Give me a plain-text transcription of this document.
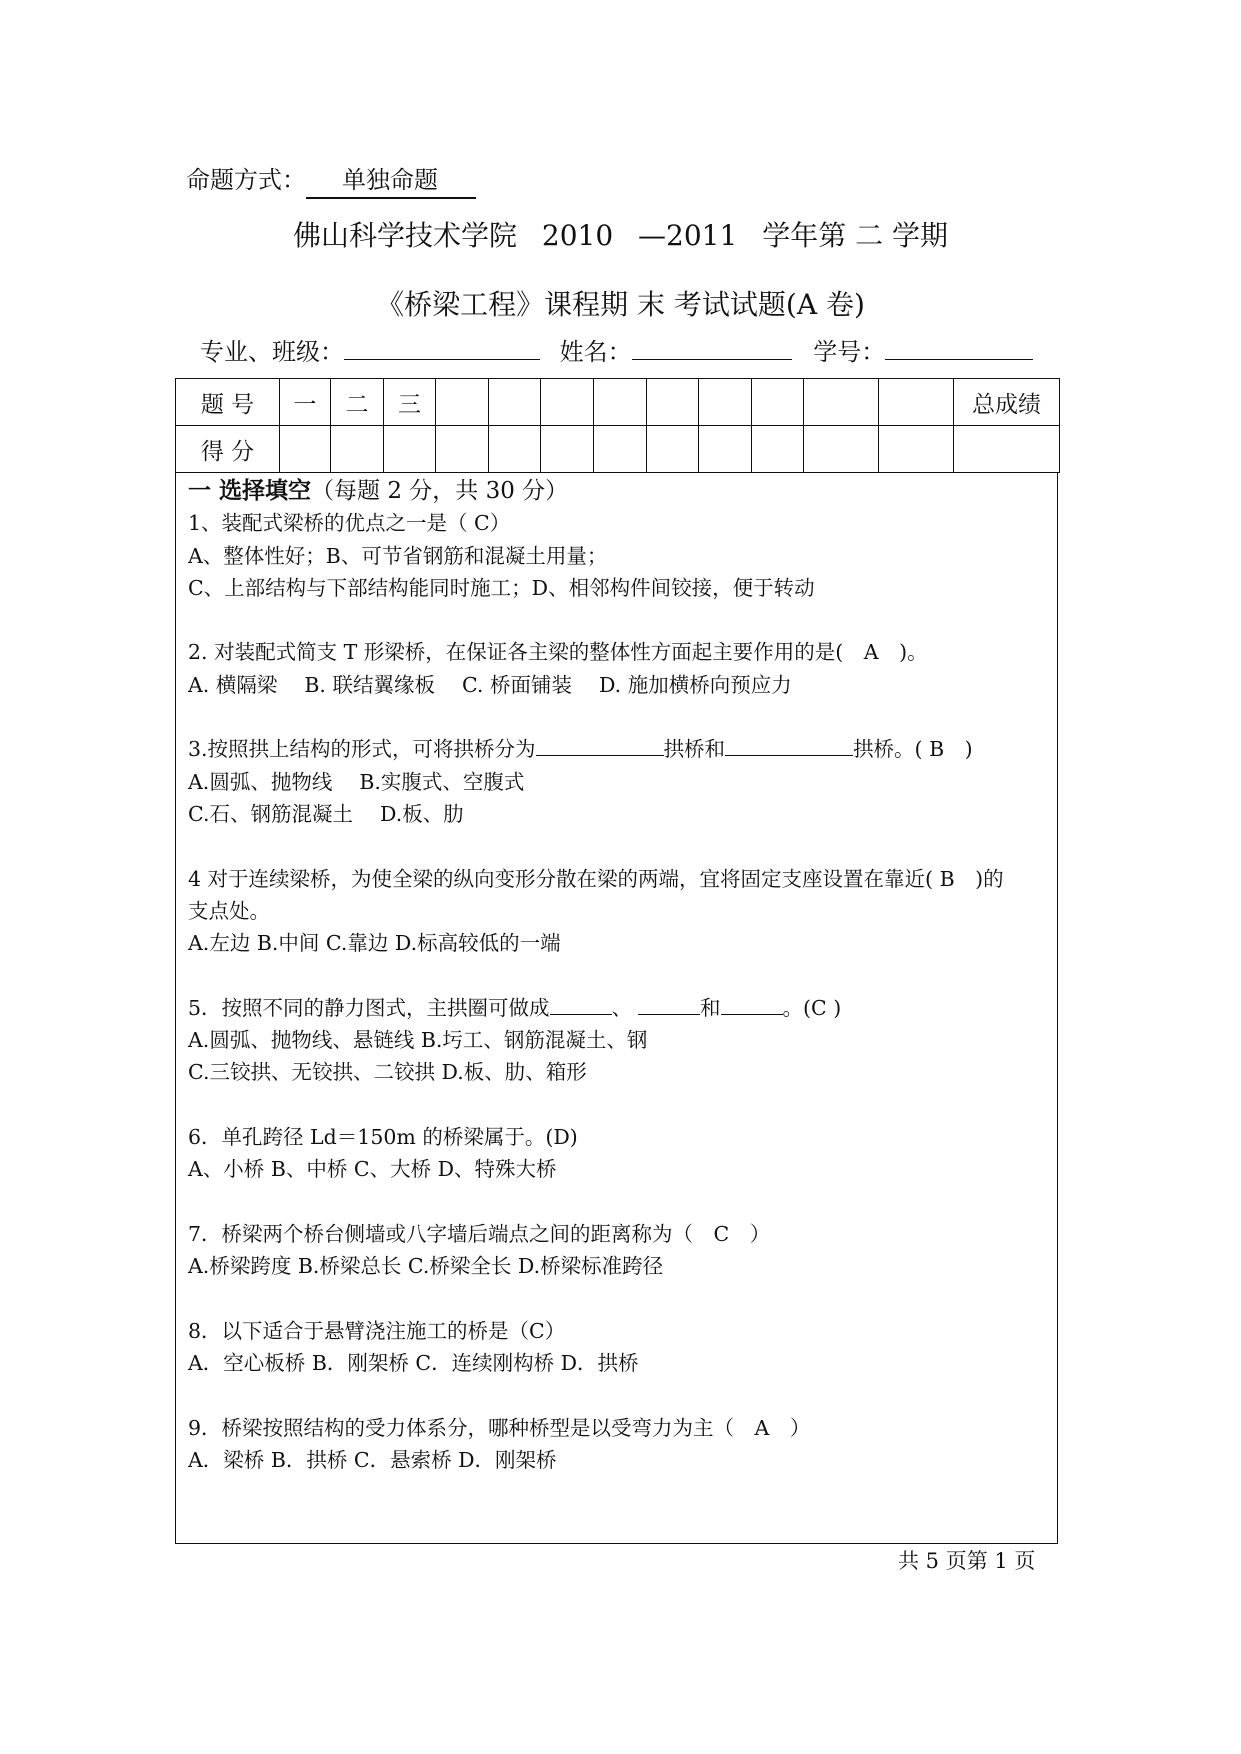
命题方式： 单独命题
佛山科学技术学院 2010 —2011 学年第 二 学期
《桥梁工程》课程期 末 考试试题(A 卷)
专业、班级：	姓名：	学号：
题 号	一	二	三										总成绩
得 分													
一 选择填空（每题 2 分，共 30 分）
1、装配式梁桥的优点之一是（ C）
A、整体性好；B、可节省钢筋和混凝土用量；
C、上部结构与下部结构能同时施工；D、相邻构件间铰接，便于转动
2. 对装配式简支 T 形梁桥，在保证各主梁的整体性方面起主要作用的是(　A　)。
A. 横隔梁　 B. 联结翼缘板　 C. 桥面铺装　 D. 施加横桥向预应力
3.按照拱上结构的形式，可将拱桥分为	拱桥和	拱桥。( B　)
A.圆弧、抛物线　 B.实腹式、空腹式
C.石、钢筋混凝土　 D.板、肋
4 对于连续梁桥，为使全梁的纵向变形分散在梁的两端，宜将固定支座设置在靠近( B　)的
支点处。
A.左边 B.中间 C.靠边 D.标高较低的一端
5．按照不同的静力图式，主拱圈可做成	、	和	。(C )
A.圆弧、抛物线、悬链线 B.圬工、钢筋混凝土、钢
C.三铰拱、无铰拱、二铰拱 D.板、肋、箱形
6．单孔跨径 Ld＝150m 的桥梁属于。(D)
A、小桥 B、中桥 C、大桥 D、特殊大桥
7．桥梁两个桥台侧墙或八字墙后端点之间的距离称为（　C　）
A.桥梁跨度 B.桥梁总长 C.桥梁全长 D.桥梁标准跨径
8．以下适合于悬臂浇注施工的桥是（C）
A．空心板桥 B．刚架桥 C．连续刚构桥 D．拱桥
9．桥梁按照结构的受力体系分，哪种桥型是以受弯力为主（　A　）
A．梁桥 B．拱桥 C．悬索桥 D．刚架桥
共 5 页第 1 页
